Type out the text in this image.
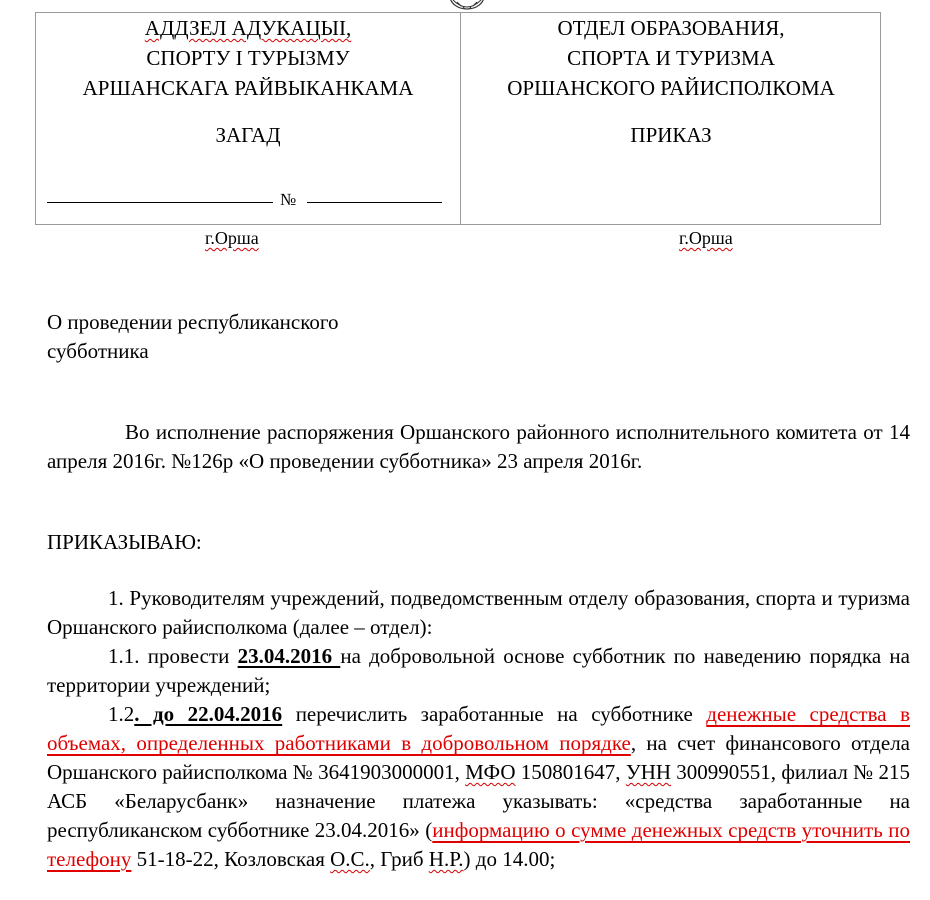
АДДЗЕЛ АДУКАЦЫІ,
СПОРТУ І ТУРЫЗМУ
АРШАНСКАГА РАЙВЫКАНКАМА
ЗАГАД
№
ОТДЕЛ ОБРАЗОВАНИЯ,
СПОРТА И ТУРИЗМА
ОРШАНСКОГО РАЙИСПОЛКОМА
ПРИКАЗ
г.Орша	г.Орша
О проведении республиканского
субботника
Во исполнение распоряжения Оршанского районного исполнительного комитета от 14 апреля 2016г. №126р «О проведении субботника» 23 апреля 2016г.
ПРИКАЗЫВАЮ:
1. Руководителям учреждений, подведомственным отделу образования, спорта и туризма Оршанского райисполкома (далее – отдел):
1.1. провести 23.04.2016 на добровольной основе субботник по наведению порядка на территории учреждений;
1.2. до 22.04.2016 перечислить заработанные на субботнике денежные средства в объемах, определенных работниками в добровольном порядке, на счет финансового отдела Оршанского райисполкома № 3641903000001, МФО 150801647, УНН 300990551, филиал № 215 АСБ «Беларусбанк» назначение платежа указывать: «средства заработанные на республиканском субботнике 23.04.2016» (информацию о сумме денежных средств уточнить по телефону 51-18-22, Козловская О.С., Гриб Н.Р.) до 14.00;
